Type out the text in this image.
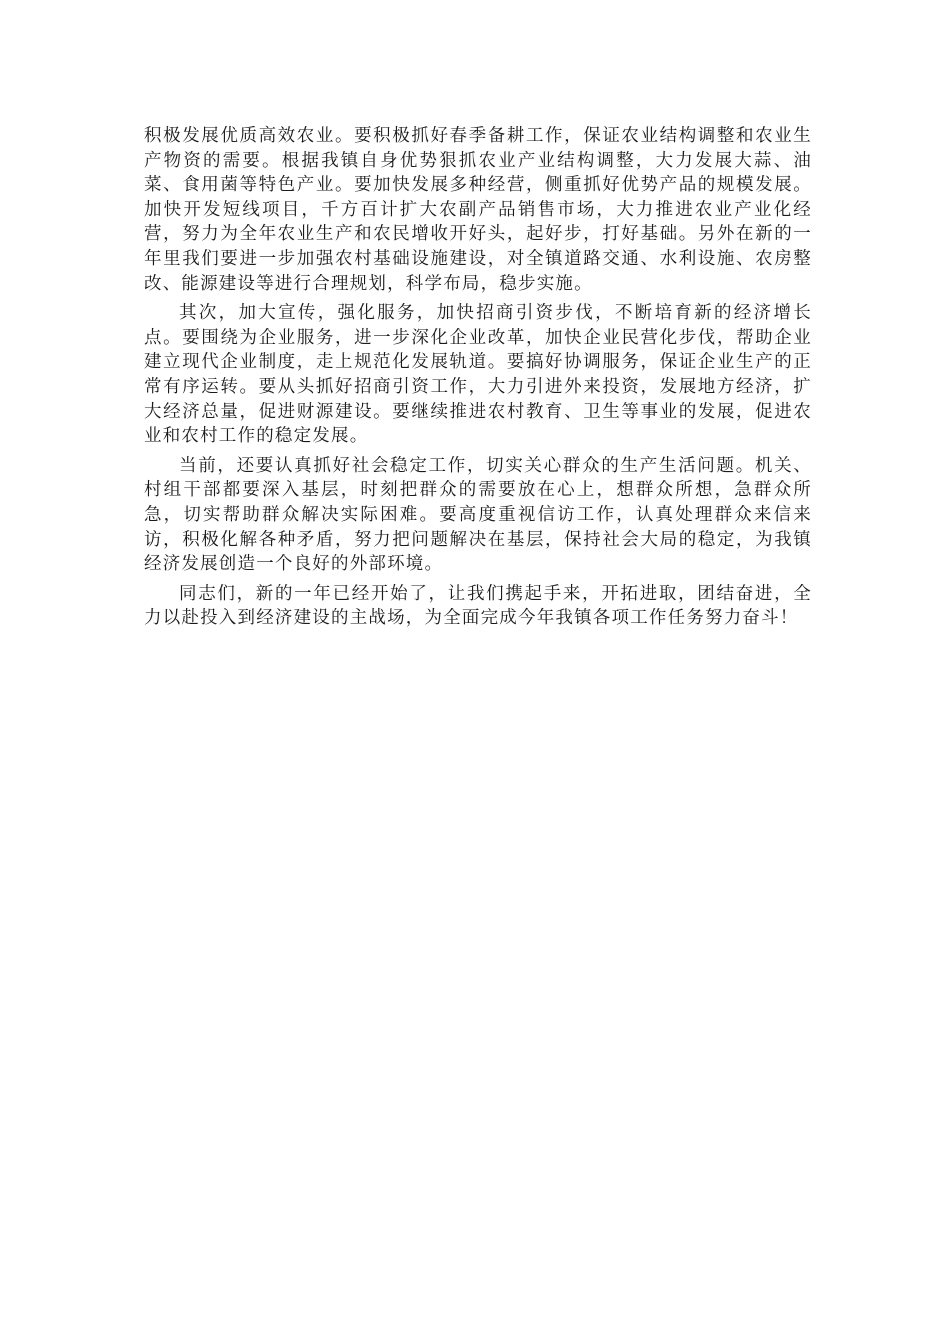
积极发展优质高效农业。要积极抓好春季备耕工作，保证农业结构调整和农业生产物资的需要。根据我镇自身优势狠抓农业产业结构调整，大力发展大蒜、油菜、食用菌等特色产业。要加快发展多种经营，侧重抓好优势产品的规模发展。加快开发短线项目，千方百计扩大农副产品销售市场，大力推进农业产业化经营，努力为全年农业生产和农民增收开好头，起好步，打好基础。另外在新的一年里我们要进一步加强农村基础设施建设，对全镇道路交通、水利设施、农房整改、能源建设等进行合理规划，科学布局，稳步实施。

其次，加大宣传，强化服务，加快招商引资步伐，不断培育新的经济增长点。要围绕为企业服务，进一步深化企业改革，加快企业民营化步伐，帮助企业建立现代企业制度，走上规范化发展轨道。要搞好协调服务，保证企业生产的正常有序运转。要从头抓好招商引资工作，大力引进外来投资，发展地方经济，扩大经济总量，促进财源建设。要继续推进农村教育、卫生等事业的发展，促进农业和农村工作的稳定发展。

当前，还要认真抓好社会稳定工作，切实关心群众的生产生活问题。机关、村组干部都要深入基层，时刻把群众的需要放在心上，想群众所想，急群众所急，切实帮助群众解决实际困难。要高度重视信访工作，认真处理群众来信来访，积极化解各种矛盾，努力把问题解决在基层，保持社会大局的稳定，为我镇经济发展创造一个良好的外部环境。

同志们，新的一年已经开始了，让我们携起手来，开拓进取，团结奋进，全力以赴投入到经济建设的主战场，为全面完成今年我镇各项工作任务努力奋斗！
